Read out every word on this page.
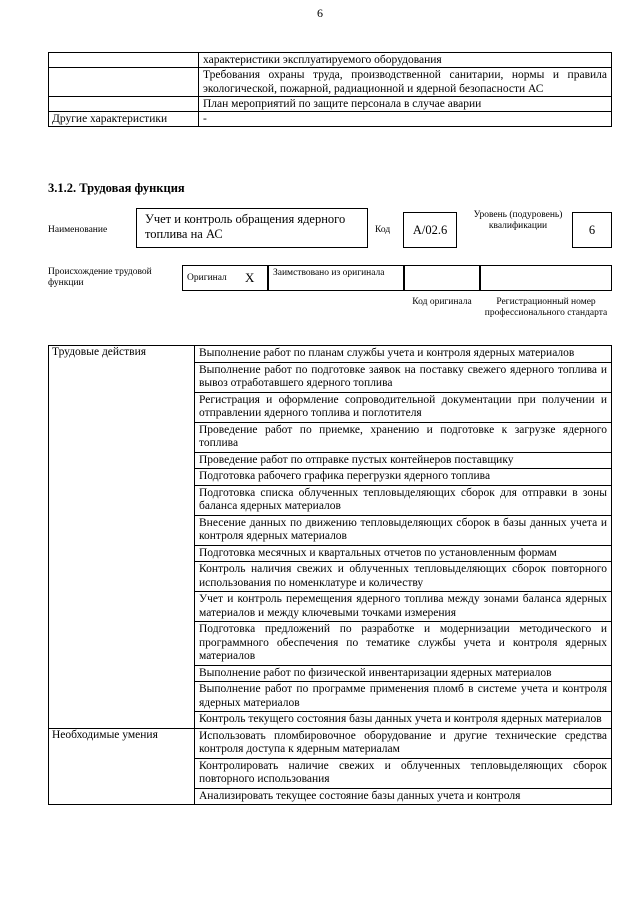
6
	характеристики эксплуатируемого оборудования
	Требования охраны труда, производственной санитарии, нормы и правила экологической, пожарной, радиационной и ядерной безопасности АС
	План мероприятий по защите персонала в случае аварии
Другие характеристики	-
3.1.2. Трудовая функция
Наименование
Учет и контроль обращения ядерного топлива на АС	Код	А/02.6
Уровень (подуровень) квалификации	6
Происхождение трудовой функции
Оригинал Х	Заимствовано из оригинала
Код оригинала	Регистрационный номер профессионального стандарта
Трудовые действия	Выполнение работ по планам службы учета и контроля ядерных материалов
	Выполнение работ по подготовке заявок на поставку свежего ядерного топлива и вывоз отработавшего ядерного топлива
	Регистрация и оформление сопроводительной документации при получении и отправлении ядерного топлива и поглотителя
	Проведение работ по приемке, хранению и подготовке к загрузке ядерного топлива
	Проведение работ по отправке пустых контейнеров поставщику
	Подготовка рабочего графика перегрузки ядерного топлива
	Подготовка списка облученных тепловыделяющих сборок для отправки в зоны баланса ядерных материалов
	Внесение данных по движению тепловыделяющих сборок в базы данных учета и контроля ядерных материалов
	Подготовка месячных и квартальных отчетов по установленным формам
	Контроль наличия свежих и облученных тепловыделяющих сборок повторного использования по номенклатуре и количеству
	Учет и контроль перемещения ядерного топлива между зонами баланса ядерных материалов и между ключевыми точками измерения
	Подготовка предложений по разработке и модернизации методического и программного обеспечения по тематике службы учета и контроля ядерных материалов
	Выполнение работ по физической инвентаризации ядерных материалов
	Выполнение работ по программе применения пломб в системе учета и контроля ядерных материалов
	Контроль текущего состояния базы данных учета и контроля ядерных материалов
Необходимые умения	Использовать пломбировочное оборудование и другие технические средства контроля доступа к ядерным материалам
	Контролировать наличие свежих и облученных тепловыделяющих сборок повторного использования
	Анализировать текущее состояние базы данных учета и контроля
